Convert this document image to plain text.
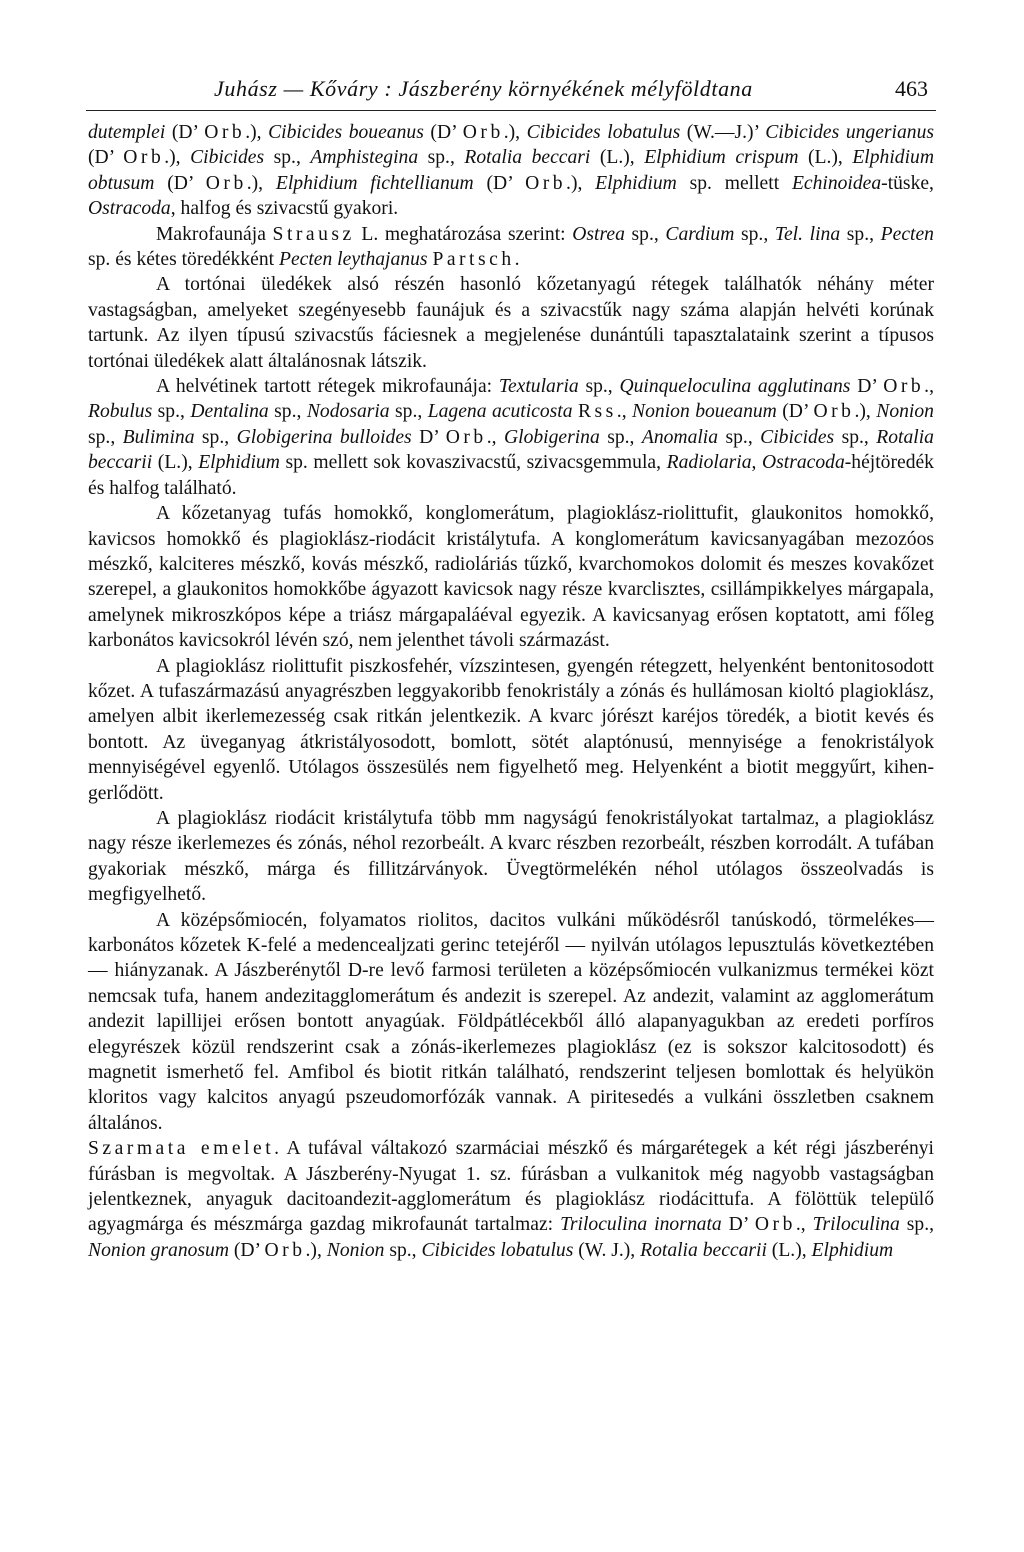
Juhász — Kőváry : Jászberény környékének mélyföldtana	463

dutemplei (D’ Orb.), Cibicides boueanus (D’ Orb.), Cibicides lobatulus (W.—J.)’ Cibicides ungerianus (D’ Orb.), Cibicides sp., Amphistegina sp., Rotalia beccari (L.), Elphidium crispum (L.), Elphidium obtusum (D’ Orb.), Elphidium fichtellianum (D’ Orb.), Elphidium sp. mellett Echinoidea-tüske, Ostracoda, halfog és szivacstű gyakori.

Makrofaunája Strausz L. meghatározása szerint: Ostrea sp., Cardium sp., Tel. lina sp., Pecten sp. és kétes töredékként Pecten leythajanus Partsch.

A tortónai üledékek alsó részén hasonló kőzetanyagú rétegek találhatók néhány méter vastagságban, amelyeket szegényesebb faunájuk és a szivacstűk nagy száma alapján helvéti korúnak tartunk. Az ilyen típusú szivacstűs fáciesnek a megjelenése dunántúli tapasztalataink szerint a típusos tortónai üledékek alatt általánosnak látszik.

A helvétinek tartott rétegek mikrofaunája: Textularia sp., Quinqueloculina agglutinans D’ Orb., Robulus sp., Dentalina sp., Nodosaria sp., Lagena acuticosta Rss., Nonion boueanum (D’ Orb.), Nonion sp., Bulimina sp., Globigerina bulloides D’ Orb., Globigerina sp., Anomalia sp., Cibicides sp., Rotalia beccarii (L.), Elphidium sp. mellett sok kovaszivacstű, szivacsgemmula, Radiolaria, Ostracoda-héjtöredék és halfog található.

A kőzetanyag tufás homokkő, konglomerátum, plagioklász-riolittufit, glaukonitos homokkő, kavicsos homokkő és plagioklász-riodácit kristálytufa. A konglomerátum kavicsanyagában mezozóos mészkő, kalciteres mészkő, kovás mészkő, radioláriás tűzkő, kvarchomokos dolomit és meszes kovakőzet szerepel, a glaukonitos homokkőbe ágyazott kavicsok nagy része kvarclisztes, csillámpikkelyes márgapala, amelynek mikroszkópos képe a triász márgapaláéval egyezik. A kavicsanyag erősen koptatott, ami főleg karbonátos kavicsokról lévén szó, nem jelenthet távoli származást.

A plagioklász riolittufit piszkosfehér, vízszintesen, gyengén rétegzett, helyenként bentonitosodott kőzet. A tufaszármazású anyagrészben leggyakoribb fenokristály a zónás és hullámosan kioltó plagioklász, amelyen albit ikerlemezesség csak ritkán jelentkezik. A kvarc jórészt karéjos töredék, a biotit kevés és bontott. Az üveganyag átkristályosodott, bomlott, sötét alaptónusú, mennyisége a fenokristályok mennyiségével egyenlő. Utólagos összesülés nem figyelhető meg. Helyenként a biotit meggyűrt, kihengerlődött.

A plagioklász riodácit kristálytufa több mm nagyságú fenokristályokat tartalmaz, a plagioklász nagy része ikerlemezes és zónás, néhol rezorbeált. A kvarc részben rezorbeált, részben korrodált. A tufában gyakoriak mészkő, márga és fillitzárványok. Üvegtörmelékén néhol utólagos összeolvadás is megfigyelhető.

A középsőmiocén, folyamatos riolitos, dacitos vulkáni működésről tanúskodó, törmelékes—karbonátos kőzetek K-felé a medencealjzati gerinc tetejéről — nyilván utólagos lepusztulás következtében — hiányzanak. A Jászberénytől D-re levő farmosi területen a középsőmiocén vulkanizmus termékei közt nemcsak tufa, hanem andezitagglomerátum és andezit is szerepel. Az andezit, valamint az agglomerátum andezit lapillijei erősen bontott anyagúak. Földpátlécekből álló alapanyagukban az eredeti porfíros elegyrészek közül rendszerint csak a zónás-ikerlemezes plagioklász (ez is sokszor kalcitosodott) és magnetit ismerhető fel. Amfibol és biotit ritkán található, rendszerint teljesen bomlottak és helyükön kloritos vagy kalcitos anyagú pszeudomorfózák vannak. A piritesedés a vulkáni összletben csaknem általános.

Szarmata emelet. A tufával váltakozó szarmáciai mészkő és márgarétegek a két régi jászberényi fúrásban is megvoltak. A Jászberény-Nyugat 1. sz. fúrásban a vulkanitok még nagyobb vastagságban jelentkeznek, anyaguk dacitoandezit-agglomerátum és plagioklász riodácittufa. A fölöttük települő agyagmárga és mészmárga gazdag mikrofaunát tartalmaz: Triloculina inornata D’ Orb., Triloculina sp., Nonion granosum (D’ Orb.), Nonion sp., Cibicides lobatulus (W. J.), Rotalia beccarii (L.), Elphidium
